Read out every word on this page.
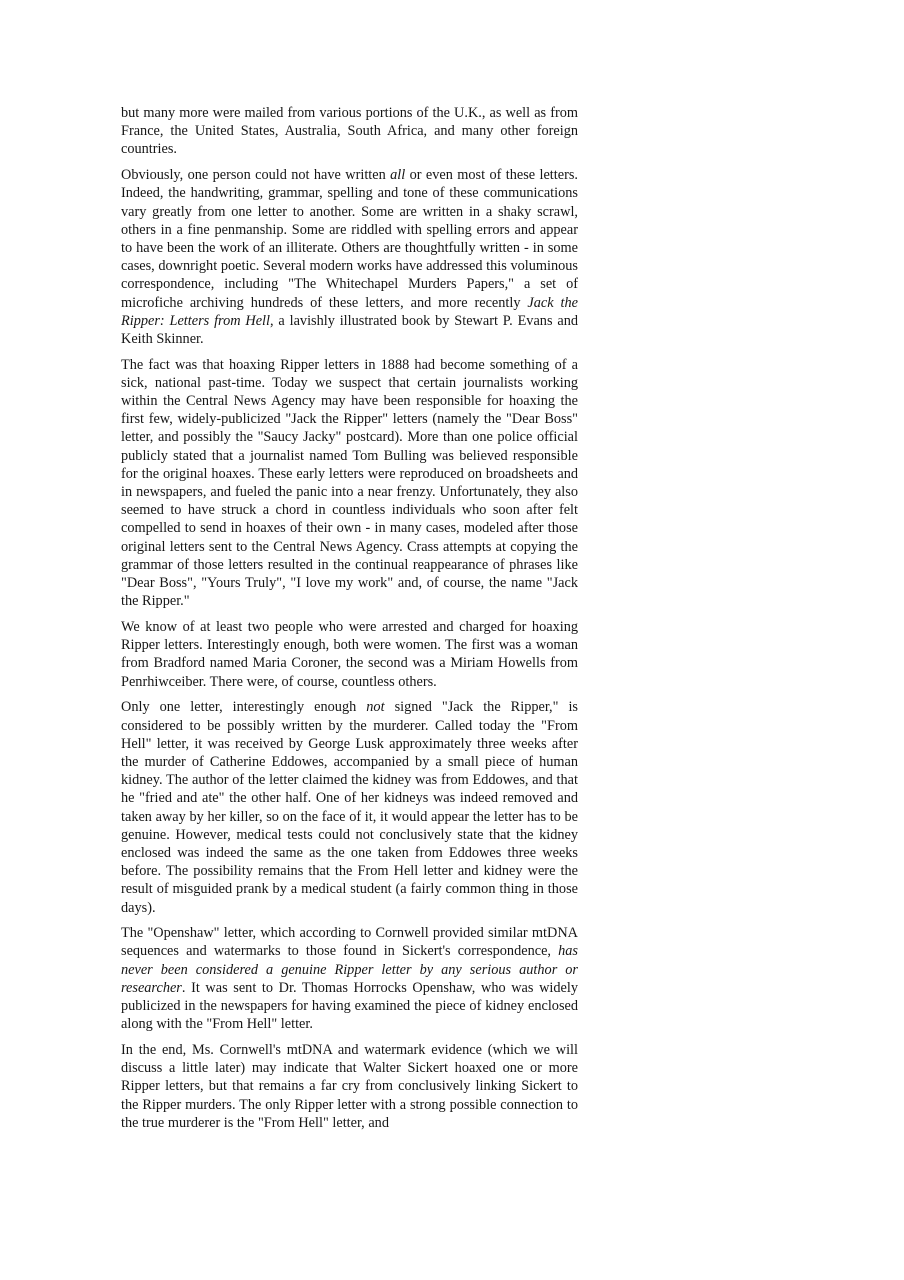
but many more were mailed from various portions of the U.K., as well as from France, the United States, Australia, South Africa, and many other foreign countries.

Obviously, one person could not have written all or even most of these letters. Indeed, the handwriting, grammar, spelling and tone of these communications vary greatly from one letter to another. Some are written in a shaky scrawl, others in a fine penmanship. Some are riddled with spelling errors and appear to have been the work of an illiterate. Others are thoughtfully written - in some cases, downright poetic. Several modern works have addressed this voluminous correspondence, including "The Whitechapel Murders Papers," a set of microfiche archiving hundreds of these letters, and more recently Jack the Ripper: Letters from Hell, a lavishly illustrated book by Stewart P. Evans and Keith Skinner.

The fact was that hoaxing Ripper letters in 1888 had become something of a sick, national past-time. Today we suspect that certain journalists working within the Central News Agency may have been responsible for hoaxing the first few, widely-publicized "Jack the Ripper" letters (namely the "Dear Boss" letter, and possibly the "Saucy Jacky" postcard). More than one police official publicly stated that a journalist named Tom Bulling was believed responsible for the original hoaxes. These early letters were reproduced on broadsheets and in newspapers, and fueled the panic into a near frenzy. Unfortunately, they also seemed to have struck a chord in countless individuals who soon after felt compelled to send in hoaxes of their own - in many cases, modeled after those original letters sent to the Central News Agency. Crass attempts at copying the grammar of those letters resulted in the continual reappearance of phrases like "Dear Boss", "Yours Truly", "I love my work" and, of course, the name "Jack the Ripper."

We know of at least two people who were arrested and charged for hoaxing Ripper letters. Interestingly enough, both were women. The first was a woman from Bradford named Maria Coroner, the second was a Miriam Howells from Penrhiwceiber. There were, of course, countless others.

Only one letter, interestingly enough not signed "Jack the Ripper," is considered to be possibly written by the murderer. Called today the "From Hell" letter, it was received by George Lusk approximately three weeks after the murder of Catherine Eddowes, accompanied by a small piece of human kidney. The author of the letter claimed the kidney was from Eddowes, and that he "fried and ate" the other half. One of her kidneys was indeed removed and taken away by her killer, so on the face of it, it would appear the letter has to be genuine. However, medical tests could not conclusively state that the kidney enclosed was indeed the same as the one taken from Eddowes three weeks before. The possibility remains that the From Hell letter and kidney were the result of misguided prank by a medical student (a fairly common thing in those days).

The "Openshaw" letter, which according to Cornwell provided similar mtDNA sequences and watermarks to those found in Sickert's correspondence, has never been considered a genuine Ripper letter by any serious author or researcher. It was sent to Dr. Thomas Horrocks Openshaw, who was widely publicized in the newspapers for having examined the piece of kidney enclosed along with the "From Hell" letter.

In the end, Ms. Cornwell's mtDNA and watermark evidence (which we will discuss a little later) may indicate that Walter Sickert hoaxed one or more Ripper letters, but that remains a far cry from conclusively linking Sickert to the Ripper murders. The only Ripper letter with a strong possible connection to the true murderer is the "From Hell" letter, and
